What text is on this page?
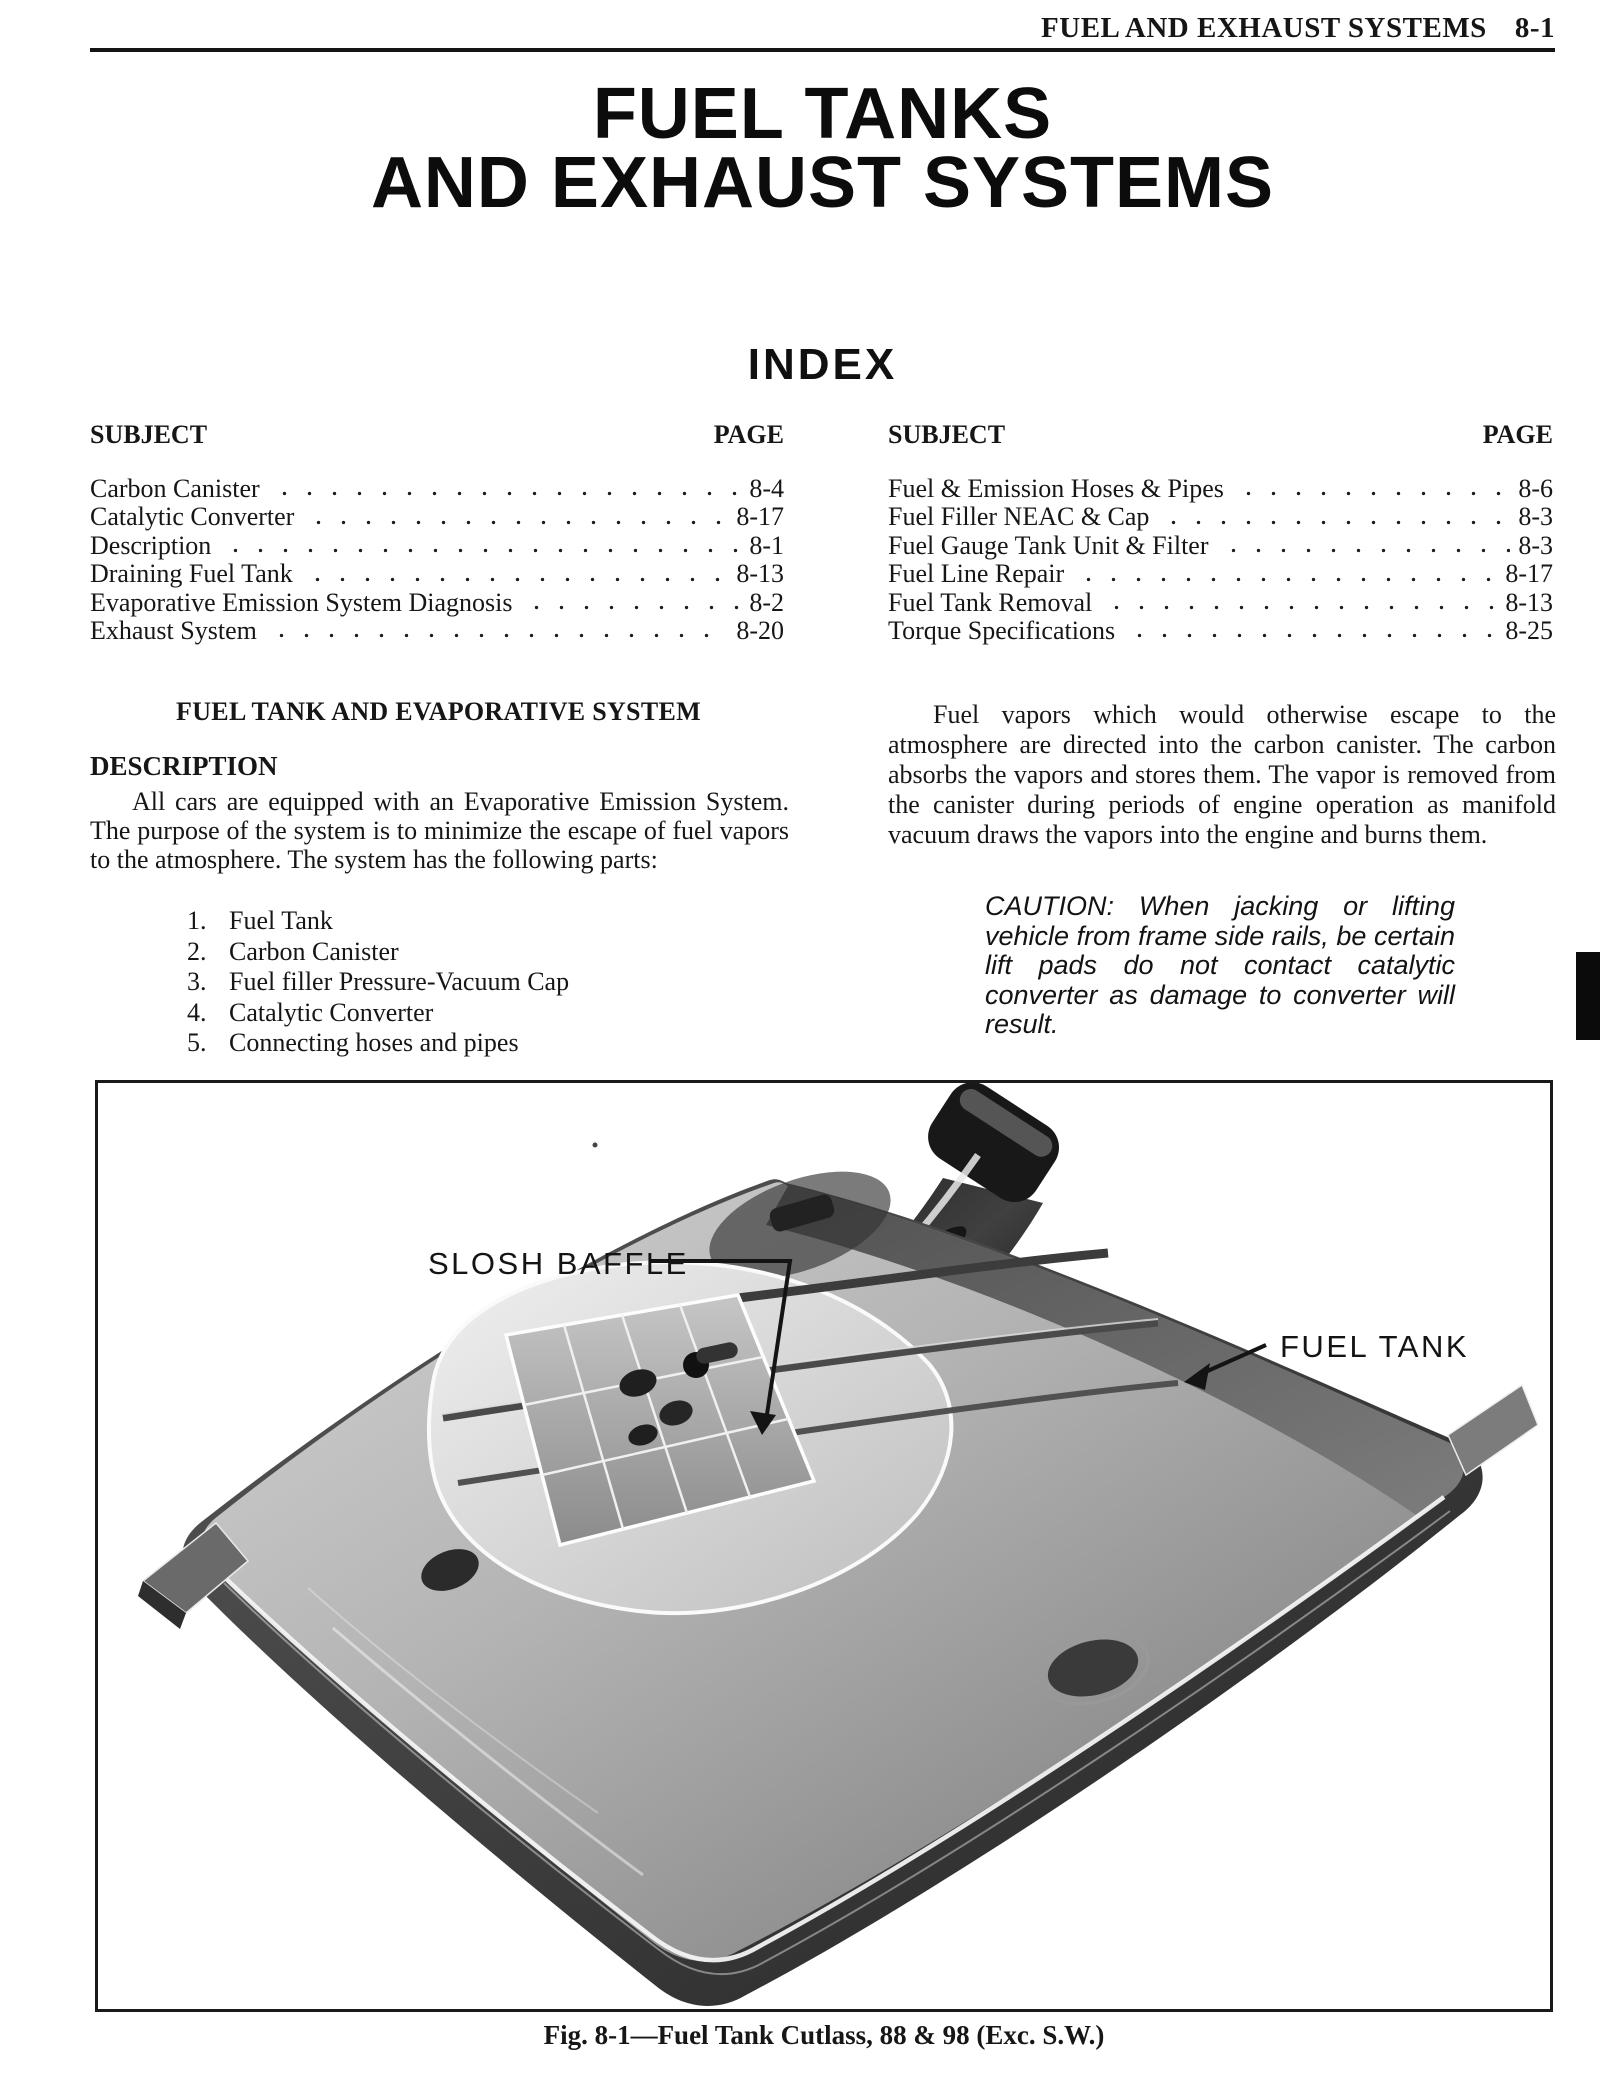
FUEL AND EXHAUST SYSTEMS 8-1
FUEL TANKS
AND EXHAUST SYSTEMS
INDEX
SUBJECT	PAGE
Carbon Canister	8-4
Catalytic Converter	8-17
Description	8-1
Draining Fuel Tank	8-13
Evaporative Emission System Diagnosis	8-2
Exhaust System	8-20
SUBJECT	PAGE
Fuel & Emission Hoses & Pipes	8-6
Fuel Filler NEAC & Cap	8-3
Fuel Gauge Tank Unit & Filter	8-3
Fuel Line Repair	8-17
Fuel Tank Removal	8-13
Torque Specifications	8-25
FUEL TANK AND EVAPORATIVE SYSTEM
DESCRIPTION
All cars are equipped with an Evaporative Emission System. The purpose of the system is to minimize the escape of fuel vapors to the atmosphere. The system has the following parts:
1. Fuel Tank
2. Carbon Canister
3. Fuel filler Pressure-Vacuum Cap
4. Catalytic Converter
5. Connecting hoses and pipes
Fuel vapors which would otherwise escape to the atmosphere are directed into the carbon canister. The carbon absorbs the vapors and stores them. The vapor is removed from the canister during periods of engine operation as manifold vacuum draws the vapors into the engine and burns them.
CAUTION: When jacking or lifting vehicle from frame side rails, be certain lift pads do not contact catalytic converter as damage to converter will result.
SLOSH BAFFLE
FUEL TANK
Fig. 8-1—Fuel Tank Cutlass, 88 & 98 (Exc. S.W.)
